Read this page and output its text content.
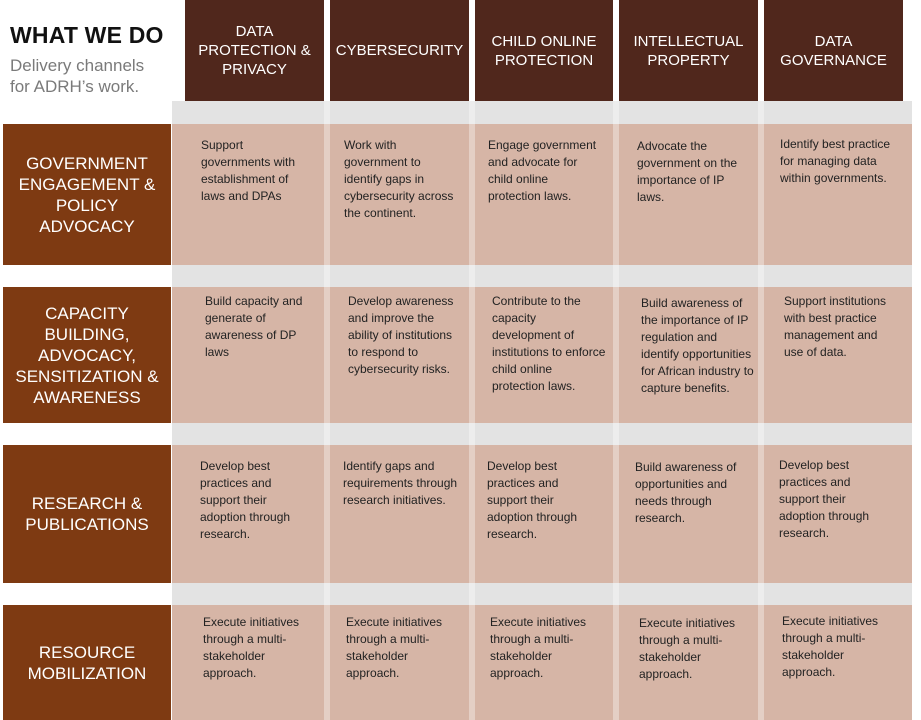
WHAT WE DO
Delivery channels
for ADRH’s work.
DATA
PROTECTION &
PRIVACY
CYBERSECURITY
CHILD ONLINE
PROTECTION
INTELLECTUAL
PROPERTY
DATA
GOVERNANCE
GOVERNMENT
ENGAGEMENT &
POLICY
ADVOCACY
Support
governments with
establishment of
laws and DPAs
Work with
government to
identify gaps in
cybersecurity across
the continent.
Engage government
and advocate for
child online
protection laws.
Advocate the
government on the
importance of IP
laws.
Identify best practice
for managing data
within governments.
CAPACITY
BUILDING,
ADVOCACY,
SENSITIZATION &
AWARENESS
Build capacity and
generate of
awareness of DP
laws
Develop awareness
and improve the
ability of institutions
to respond to
cybersecurity risks.
Contribute to the
capacity
development of
institutions to enforce
child online
protection laws.
Build awareness of
the importance of IP
regulation and
identify opportunities
for African industry to
capture benefits.
Support institutions
with best practice
management and
use of data.
RESEARCH &
PUBLICATIONS
Develop best
practices and
support their
adoption through
research.
Identify gaps and
requirements through
research initiatives.
Develop best
practices and
support their
adoption through
research.
Build awareness of
opportunities and
needs through
research.
Develop best
practices and
support their
adoption through
research.
RESOURCE
MOBILIZATION
Execute initiatives
through a multi-
stakeholder
approach.
Execute initiatives
through a multi-
stakeholder
approach.
Execute initiatives
through a multi-
stakeholder
approach.
Execute initiatives
through a multi-
stakeholder
approach.
Execute initiatives
through a multi-
stakeholder
approach.
